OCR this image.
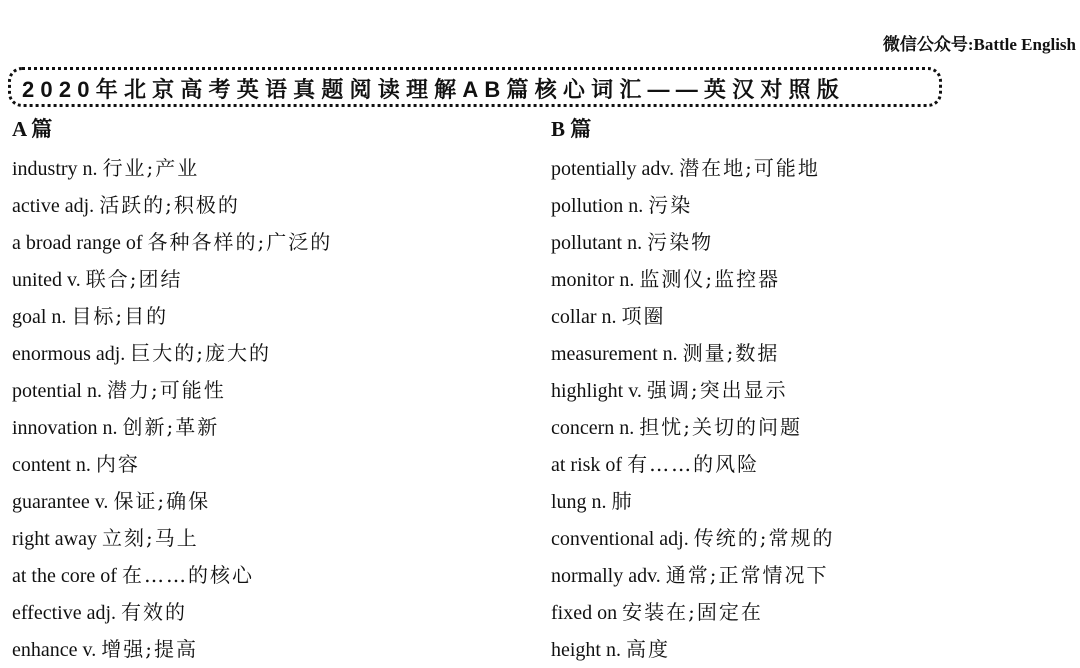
微信公众号:Battle English
2020年北京高考英语真题阅读理解AB篇核心词汇——英汉对照版
A 篇
industry n. 行业;产业
active adj. 活跃的;积极的
a broad range of 各种各样的;广泛的
united v. 联合;团结
goal n. 目标;目的
enormous adj. 巨大的;庞大的
potential n. 潜力;可能性
innovation n. 创新;革新
content n. 内容
guarantee v. 保证;确保
right away 立刻;马上
at the core of 在……的核心
effective adj. 有效的
enhance v. 增强;提高
B 篇
potentially adv. 潜在地;可能地
pollution n. 污染
pollutant n. 污染物
monitor n. 监测仪;监控器
collar n. 项圈
measurement n. 测量;数据
highlight v. 强调;突出显示
concern n. 担忧;关切的问题
at risk of 有……的风险
lung n. 肺
conventional adj. 传统的;常规的
normally adv. 通常;正常情况下
fixed on 安装在;固定在
height n. 高度
